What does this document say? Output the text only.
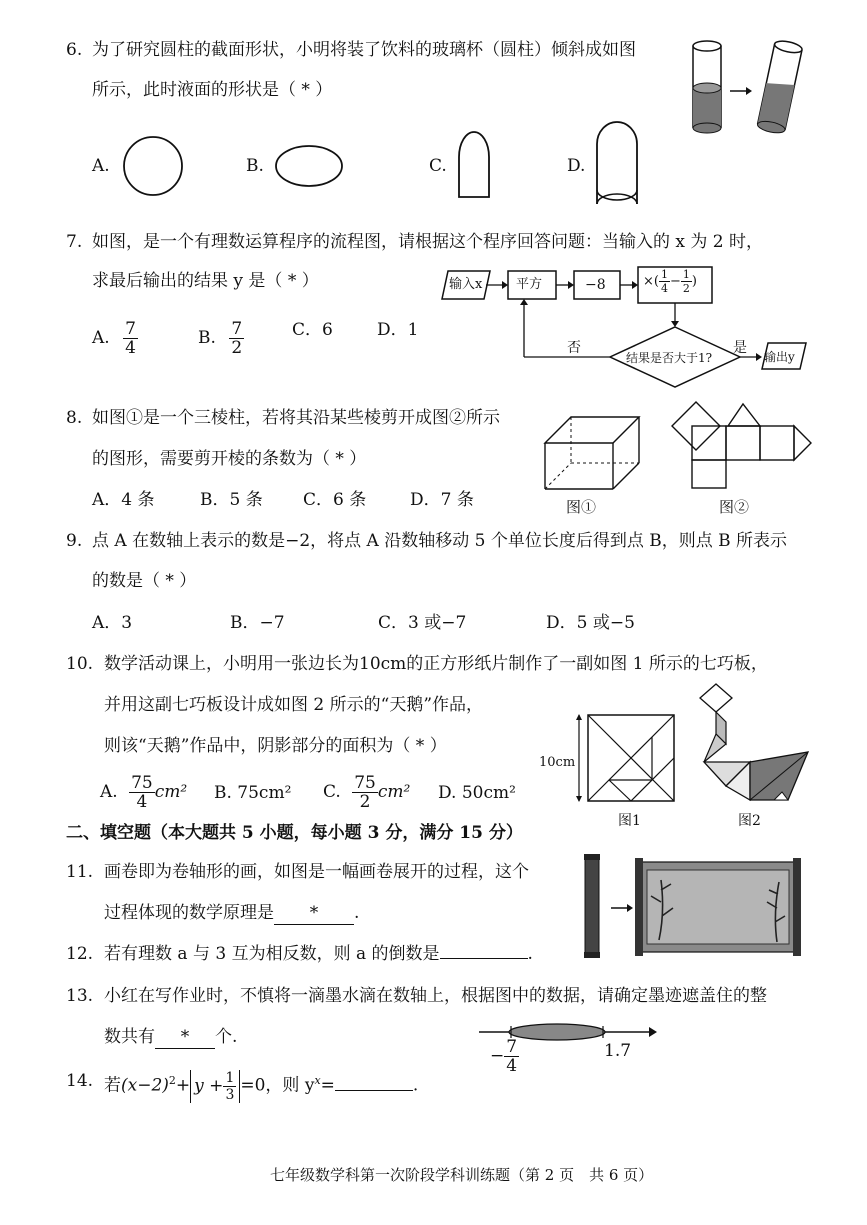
6. 为了研究圆柱的截面形状，小明将装了饮料的玻璃杯（圆柱）倾斜成如图
所示，此时液面的形状是（ * ）
A.	B.	C.	D.
7. 如图，是一个有理数运算程序的流程图，请根据这个程序回答问题：当输入的 x 为 2 时，
求最后输出的结果 y 是（ * ）
A. $\frac{7}{4}$	B. $\frac{7}{2}$	C．6	D．1
输入x	平方	−8	×( $\frac{1}{4} - \frac{1}{2}$ )
结果是否大于1?
否	是
输出y
8. 如图①是一个三棱柱，若将其沿某些棱剪开成图②所示
的图形，需要剪开棱的条数为（ * ）
A．4 条	B．5 条 C．6 条	D．7 条	图①	图②
9. 点 A 在数轴上表示的数是−2，将点 A 沿数轴移动 5 个单位长度后得到点 B，则点 B 所表示
的数是（ * ）
A．3	B．−7	C．3 或−7	D．5 或−5
10. 数学活动课上，小明用一张边长为10cm的正方形纸片制作了一副如图 1 所示的七巧板，
并用这副七巧板设计成如图 2 所示的“天鹅”作品，
则该“天鹅”作品中，阴影部分的面积为（ * ）
A. $\frac{75}{4} cm^2$ B. 75cm² C. $\frac{75}{2} cm^2$ D. 50cm²
10cm
图1	图2
二、填空题（本大题共 5 小题，每小题 3 分，满分 15 分）
11. 画卷即为卷轴形的画，如图是一幅画卷展开的过程，这个
过程体现的数学原理是 * .
12. 若有理数 a 与 3 互为相反数，则 a 的倒数是	.
13. 小红在写作业时，不慎将一滴墨水滴在数轴上，根据图中的数据，请确定墨迹遮盖住的整
数共有 * 个.
− $\frac{7}{4}$	1.7
14. 若$(x-2)^2+ y + \frac{1}{3} =0$，则 $y^x=$	.
七年级数学科第一次阶段学科训练题（第 2 页　共 6 页）
